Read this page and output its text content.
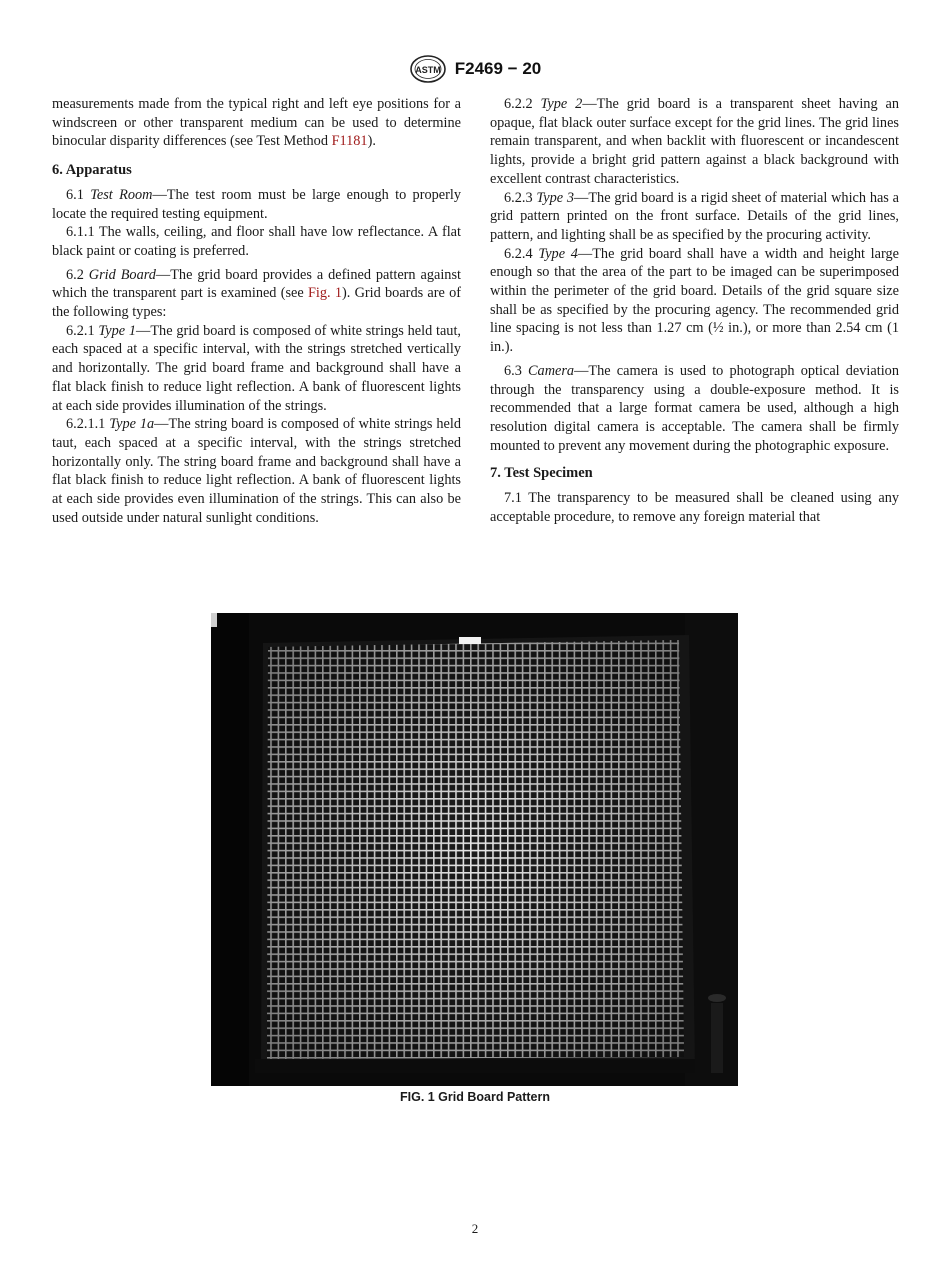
ASTM F2469 − 20

measurements made from the typical right and left eye positions for a windscreen or other transparent medium can be used to determine binocular disparity differences (see Test Method F1181).

6. Apparatus

6.1 Test Room—The test room must be large enough to properly locate the required testing equipment.

6.1.1 The walls, ceiling, and floor shall have low reflectance. A flat black paint or coating is preferred.

6.2 Grid Board—The grid board provides a defined pattern against which the transparent part is examined (see Fig. 1). Grid boards are of the following types:

6.2.1 Type 1—The grid board is composed of white strings held taut, each spaced at a specific interval, with the strings stretched vertically and horizontally. The grid board frame and background shall have a flat black finish to reduce light reflection. A bank of fluorescent lights at each side provides illumination of the strings.

6.2.1.1 Type 1a—The string board is composed of white strings held taut, each spaced at a specific interval, with the strings stretched horizontally only. The string board frame and background shall have a flat black finish to reduce light reflection. A bank of fluorescent lights at each side provides even illumination of the strings. This can also be used outside under natural sunlight conditions.

6.2.2 Type 2—The grid board is a transparent sheet having an opaque, flat black outer surface except for the grid lines. The grid lines remain transparent, and when backlit with fluorescent or incandescent lights, provide a bright grid pattern against a black background with excellent contrast characteristics.

6.2.3 Type 3—The grid board is a rigid sheet of material which has a grid pattern printed on the front surface. Details of the grid lines, pattern, and lighting shall be as specified by the procuring activity.

6.2.4 Type 4—The grid board shall have a width and height large enough so that the area of the part to be imaged can be superimposed within the perimeter of the grid board. Details of the grid square size shall be as specified by the procuring agency. The recommended grid line spacing is not less than 1.27 cm (½ in.), or more than 2.54 cm (1 in.).

6.3 Camera—The camera is used to photograph optical deviation through the transparency using a double-exposure method. It is recommended that a large format camera be used, although a high resolution digital camera is acceptable. The camera shall be firmly mounted to prevent any movement during the photographic exposure.

7. Test Specimen

7.1 The transparency to be measured shall be cleaned using any acceptable procedure, to remove any foreign material that

FIG. 1 Grid Board Pattern
2
